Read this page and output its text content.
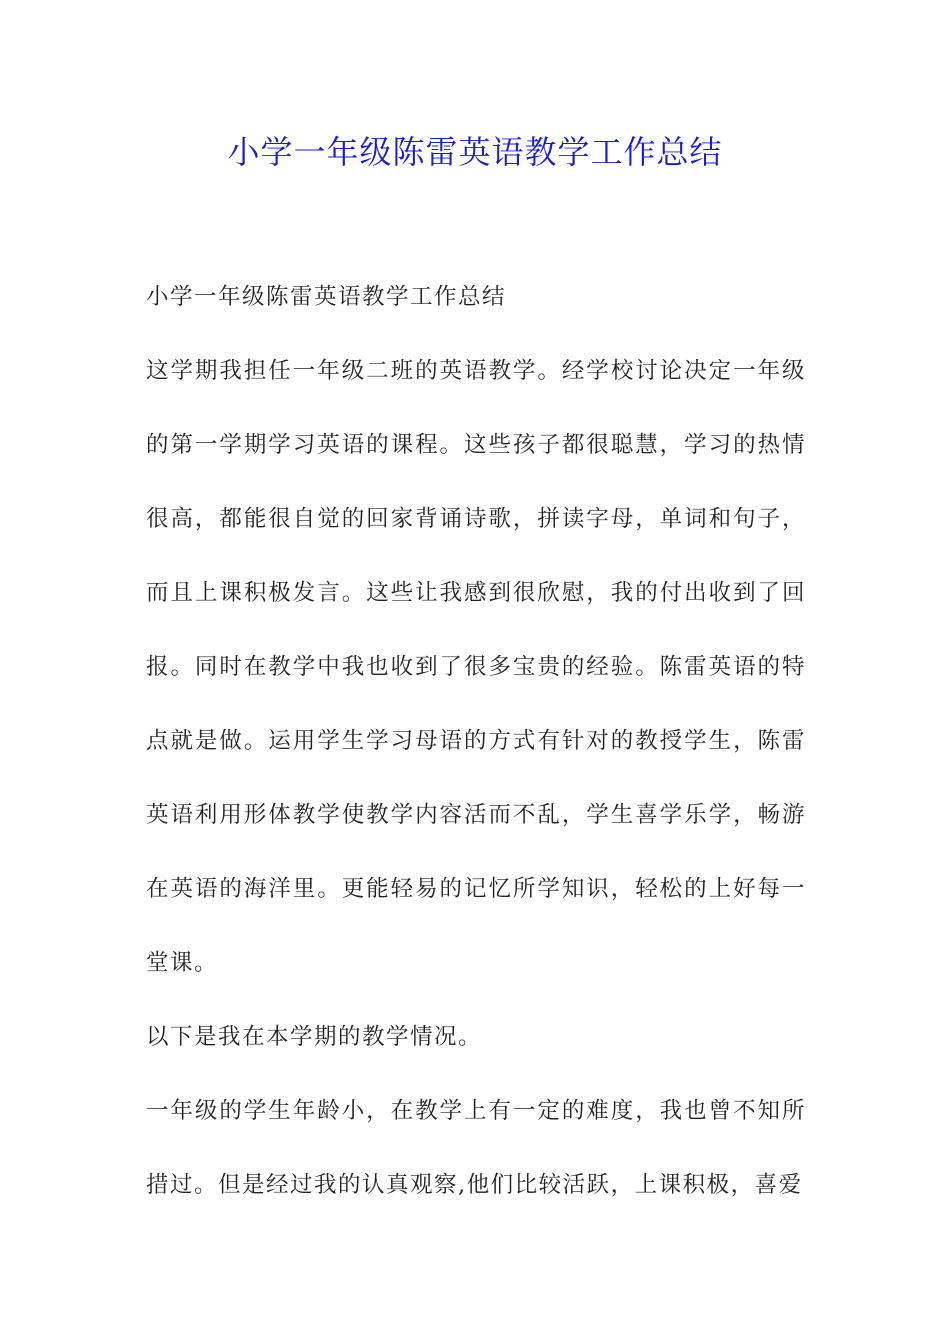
小学一年级陈雷英语教学工作总结

小学一年级陈雷英语教学工作总结

这学期我担任一年级二班的英语教学。经学校讨论决定一年级的第一学期学习英语的课程。这些孩子都很聪慧，学习的热情很高，都能很自觉的回家背诵诗歌，拼读字母，单词和句子，而且上课积极发言。这些让我感到很欣慰，我的付出收到了回报。同时在教学中我也收到了很多宝贵的经验。陈雷英语的特点就是做。运用学生学习母语的方式有针对的教授学生，陈雷英语利用形体教学使教学内容活而不乱，学生喜学乐学，畅游在英语的海洋里。更能轻易的记忆所学知识，轻松的上好每一堂课。

以下是我在本学期的教学情况。

一年级的学生年龄小，在教学上有一定的难度，我也曾不知所措过。但是经过我的认真观察,他们比较活跃，上课积极，喜爱
